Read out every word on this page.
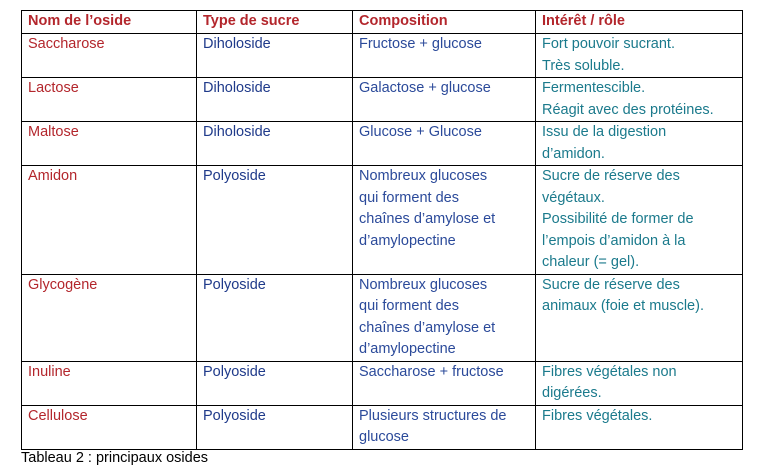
Nom de l’oside	Type de sucre	Composition	Intérêt / rôle

Saccharose	Diholoside	Fructose + glucose	Fort pouvoir sucrant.
Très soluble.

Lactose	Diholoside	Galactose + glucose	Fermentescible.
Réagit avec des protéines.

Maltose	Diholoside	Glucose + Glucose	Issu de la digestion
d’amidon.

Amidon	Polyoside	Nombreux glucoses
qui forment des
chaînes d’amylose et
d’amylopectine	Sucre de réserve des
végétaux.
Possibilité de former de
l’empois d’amidon à la
chaleur (= gel).

Glycogène	Polyoside	Nombreux glucoses
qui forment des
chaînes d’amylose et
d’amylopectine	Sucre de réserve des
animaux (foie et muscle).

Inuline	Polyoside	Saccharose + fructose	Fibres végétales non
digérées.

Cellulose	Polyoside	Plusieurs structures de
glucose	Fibres végétales.
Tableau 2 : principaux osides
